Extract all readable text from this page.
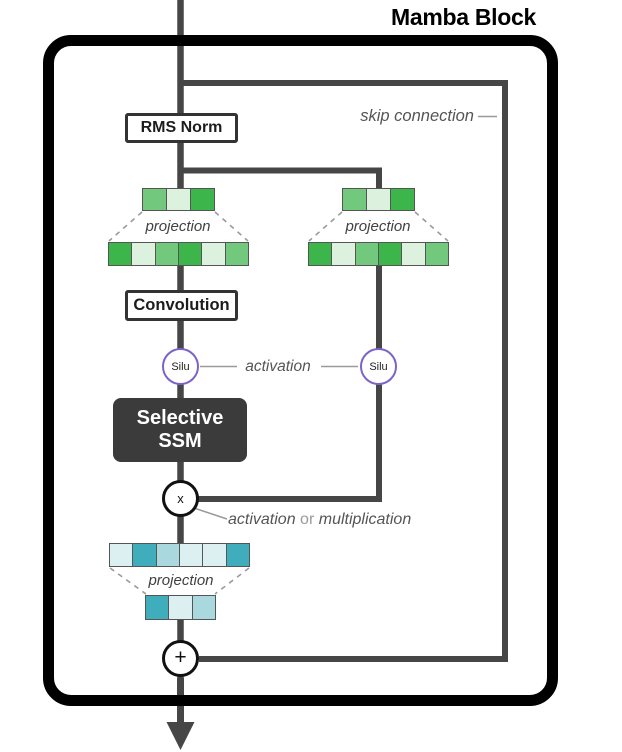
Mamba Block
skip connection
RMS Norm
projection	projection
Convolution
Silu	Silu
activation
Selective SSM
x
activation or multiplication
projection
+
